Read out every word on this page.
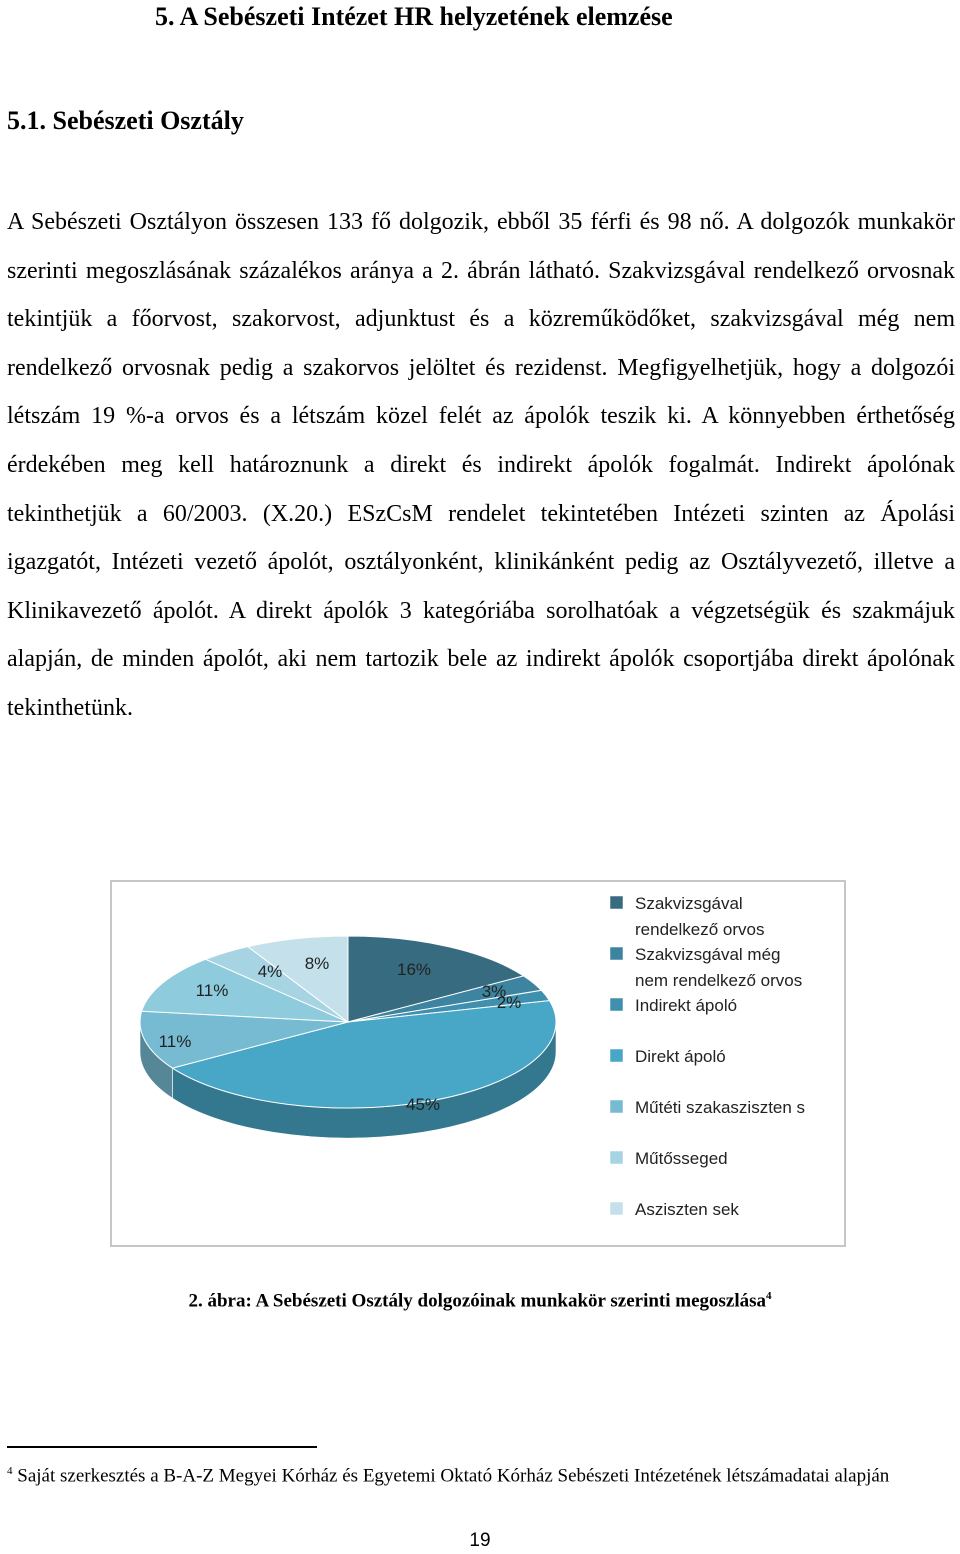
5. A Sebészeti Intézet HR helyzetének elemzése
5.1. Sebészeti Osztály
A Sebészeti Osztályon összesen 133 fő dolgozik, ebből 35 férfi és 98 nő. A dolgozók munkakör szerinti megoszlásának százalékos aránya a 2. ábrán látható. Szakvizsgával rendelkező orvosnak tekintjük a főorvost, szakorvost, adjunktust és a közreműködőket, szakvizsgával még nem rendelkező orvosnak pedig a szakorvos jelöltet és rezidenst. Megfigyelhetjük, hogy a dolgozói létszám 19 %-a orvos és a létszám közel felét az ápolók teszik ki. A könnyebben érthetőség érdekében meg kell határoznunk a direkt és indirekt ápolók fogalmát. Indirekt ápolónak tekinthetjük a 60/2003. (X.20.) ESzCsM rendelet tekintetében Intézeti szinten az Ápolási igazgatót, Intézeti vezető ápolót, osztályonként, klinikánként pedig az Osztályvezető, illetve a Klinikavezető ápolót. A direkt ápolók 3 kategóriába sorolhatóak a végzetségük és szakmájuk alapján, de minden ápolót, aki nem tartozik bele az indirekt ápolók csoportjába direkt ápolónak tekinthetünk.
16%
3%
2%
45%
11%
11%
4% 8%
Szakvizsgával
rendelkező orvos
Szakvizsgával még
nem rendelkező orvos
Indirekt ápoló
Direkt ápoló
Műtéti szakasziszten s
Műtősseged
Asziszten sek
2. ábra: A Sebészeti Osztály dolgozóinak munkakör szerinti megoszlása$^4$
$^4$ Saját szerkesztés a B-A-Z Megyei Kórház és Egyetemi Oktató Kórház Sebészeti Intézetének létszámadatai alapján
19
